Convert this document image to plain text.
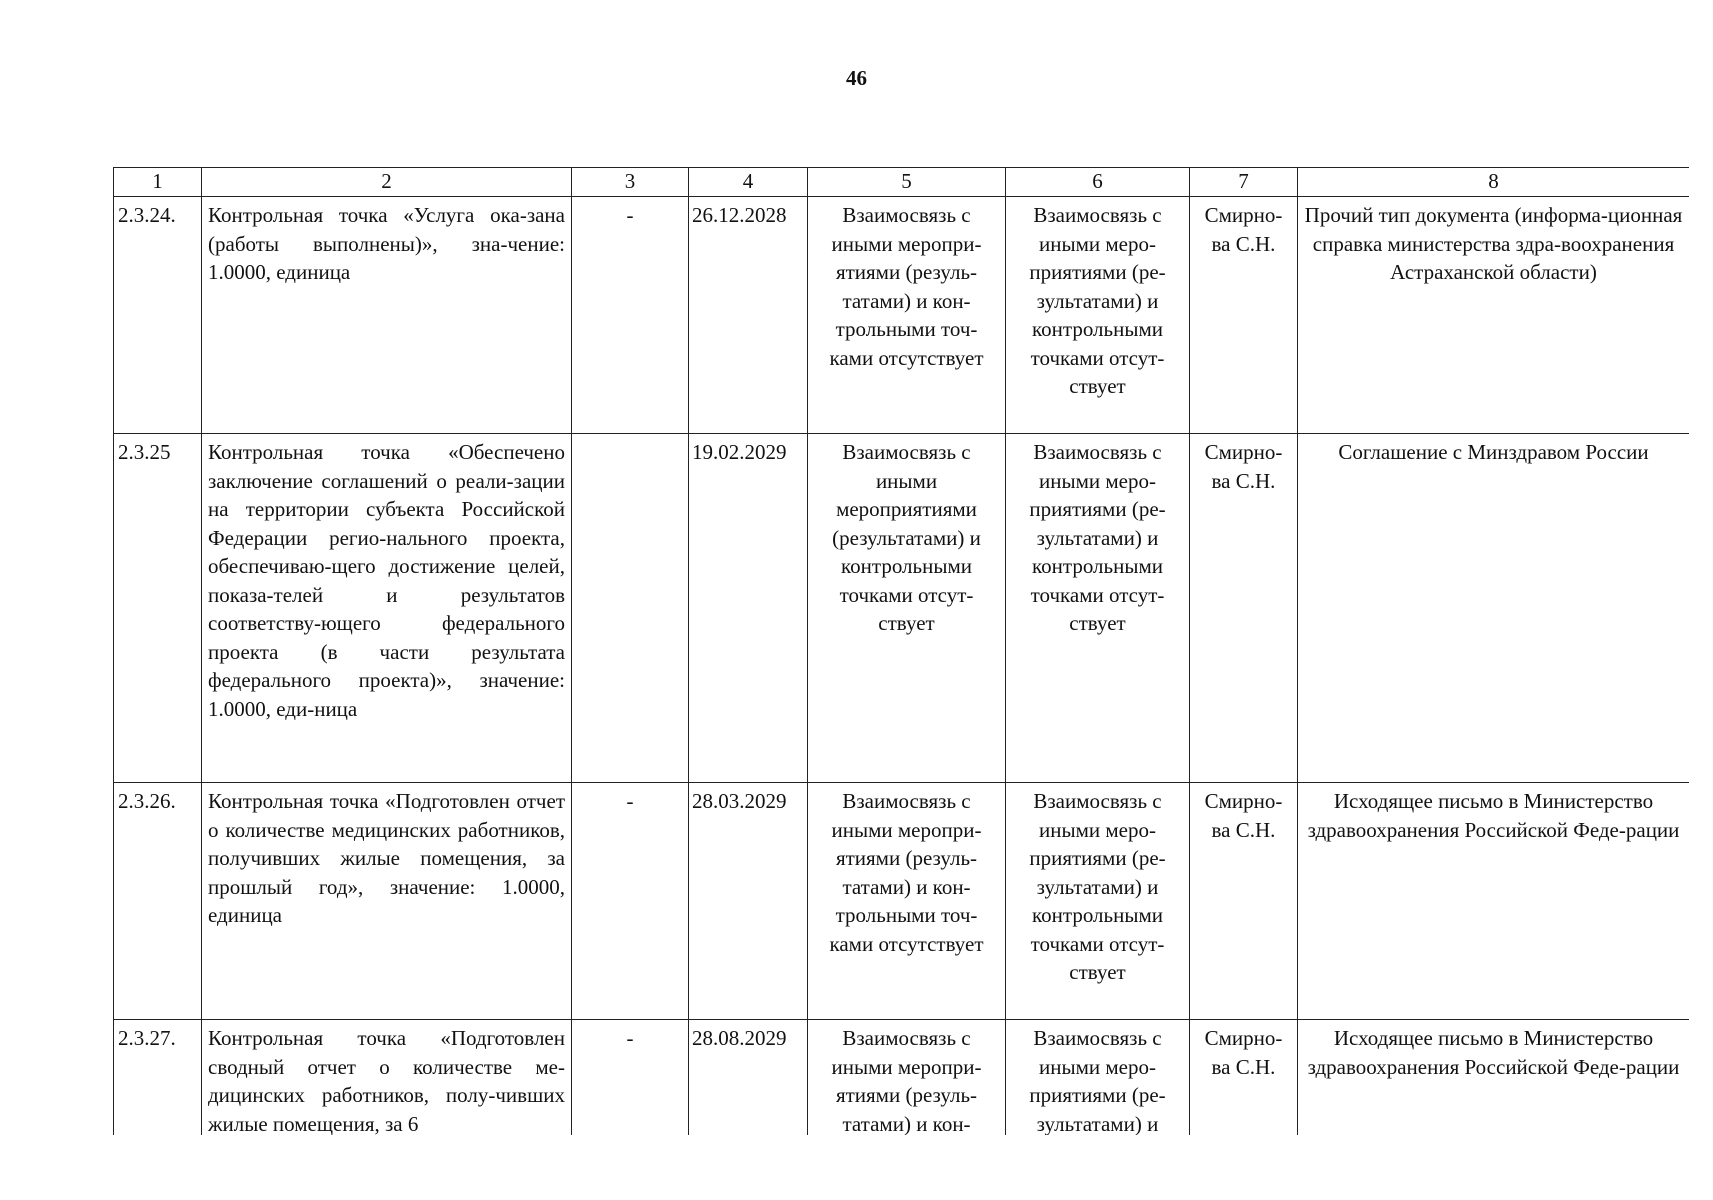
46
1	2	3	4	5	6	7	8
2.3.24.	Контрольная точка «Услуга ока-зана (работы выполнены)», зна-чение: 1.0000, единица	-	26.12.2028	Взаимосвязь с иными меропри-ятиями (резуль-татами) и кон-трольными точ-ками отсутствует	Взаимосвязь с иными меро-приятиями (ре-зультатами) и контрольными точками отсут-ствует	Смирно-ва С.Н.	Прочий тип документа (информа-ционная справка министерства здра-воохранения Астраханской области)
2.3.25	Контрольная точка «Обеспечено заключение соглашений о реали-зации на территории субъекта Российской Федерации регио-нального проекта, обеспечиваю-щего достижение целей, показа-телей и результатов соответству-ющего федерального проекта (в части результата федерального проекта)», значение: 1.0000, еди-ница		19.02.2029	Взаимосвязь с иными мероприятиями (результатами) и контрольными точками отсут-ствует	Взаимосвязь с иными меро-приятиями (ре-зультатами) и контрольными точками отсут-ствует	Смирно-ва С.Н.	Соглашение с Минздравом России
2.3.26.	Контрольная точка «Подготовлен отчет о количестве медицинских работников, получивших жилые помещения, за прошлый год», значение: 1.0000, единица	-	28.03.2029	Взаимосвязь с иными меропри-ятиями (резуль-татами) и кон-трольными точ-ками отсутствует	Взаимосвязь с иными меро-приятиями (ре-зультатами) и контрольными точками отсут-ствует	Смирно-ва С.Н.	Исходящее письмо в Министерство здравоохранения Российской Феде-рации
2.3.27.	Контрольная точка «Подготовлен сводный отчет о количестве ме-дицинских работников, полу-чивших жилые помещения, за 6	-	28.08.2029	Взаимосвязь с иными меропри-ятиями (резуль-татами) и кон-	Взаимосвязь с иными меро-приятиями (ре-зультатами) и	Смирно-ва С.Н.	Исходящее письмо в Министерство здравоохранения Российской Феде-рации
